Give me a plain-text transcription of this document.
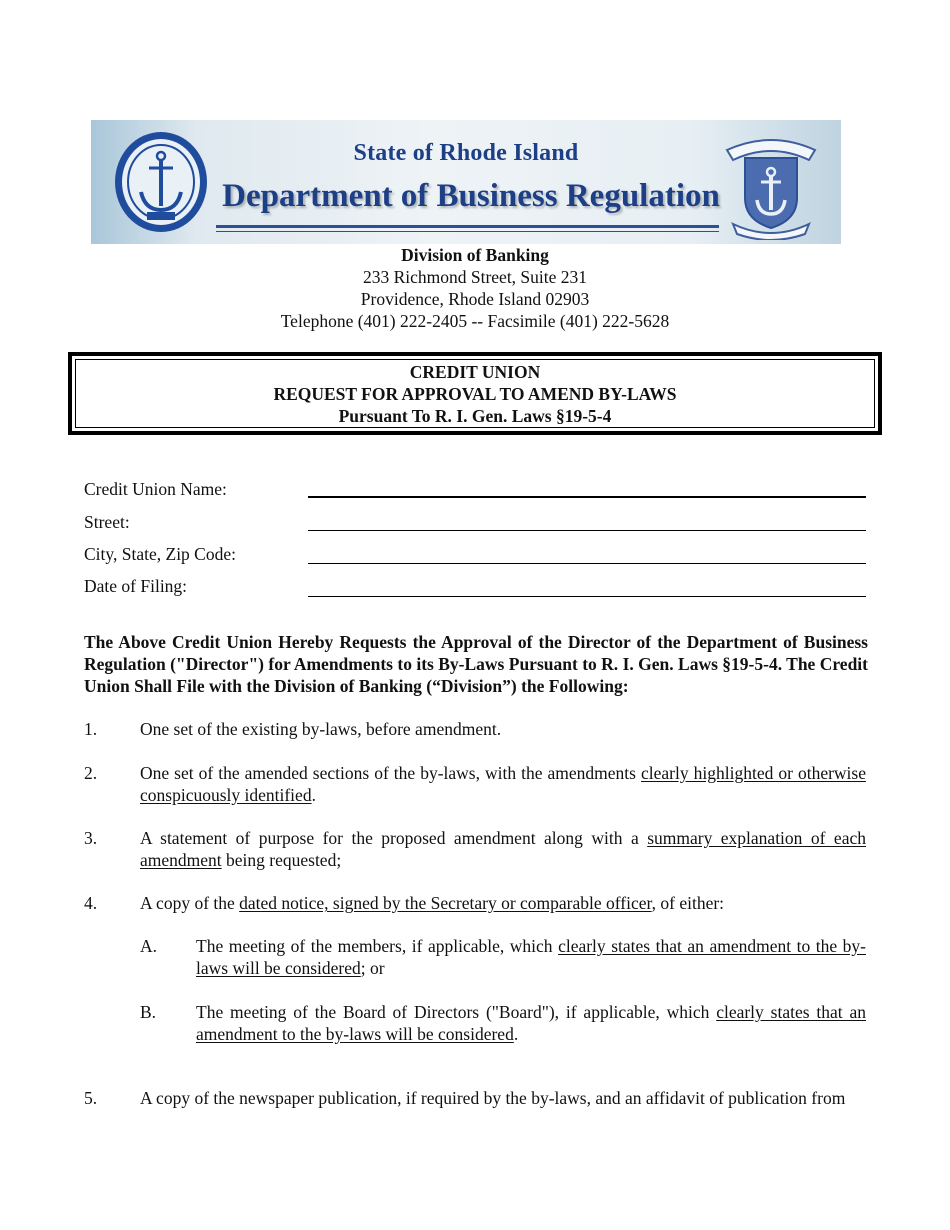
State of Rhode Island
Department of Business Regulation
Division of Banking
233 Richmond Street, Suite 231
Providence, Rhode Island 02903
Telephone (401) 222-2405 -- Facsimile (401) 222-5628
CREDIT UNION
REQUEST FOR APPROVAL TO AMEND BY-LAWS
Pursuant To R. I. Gen. Laws §19-5-4
Credit Union Name:
Street:
City, State, Zip Code:
Date of Filing:
The Above Credit Union Hereby Requests the Approval of the Director of the Department of Business Regulation ("Director") for Amendments to its By-Laws Pursuant to R. I. Gen. Laws §19-5-4. The Credit Union Shall File with the Division of Banking (“Division”) the Following:
1. One set of the existing by-laws, before amendment.
2. One set of the amended sections of the by-laws, with the amendments clearly highlighted or otherwise conspicuously identified.
3. A statement of purpose for the proposed amendment along with a summary explanation of each amendment being requested;
4. A copy of the dated notice, signed by the Secretary or comparable officer, of either:
A. The meeting of the members, if applicable, which clearly states that an amendment to the by-laws will be considered; or
B. The meeting of the Board of Directors ("Board"), if applicable, which clearly states that an amendment to the by-laws will be considered.
5. A copy of the newspaper publication, if required by the by-laws, and an affidavit of publication from
